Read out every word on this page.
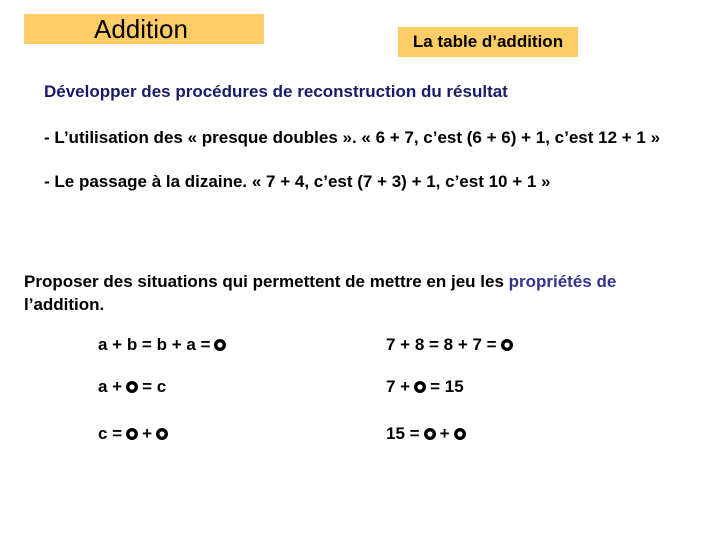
Addition	La table d’addition
Développer des procédures de reconstruction du résultat
- L’utilisation des « presque doubles ». « 6 + 7, c’est (6 + 6) + 1, c’est 12 + 1 »
- Le passage à la dizaine. « 7 + 4, c’est (7 + 3) + 1, c’est 10 + 1 »
Proposer des situations qui permettent de mettre en jeu les propriétés de
l’addition.
a + b = b + a =
a + = c
c = +
7 + 8 = 8 + 7 =
7 + = 15
15 = +
